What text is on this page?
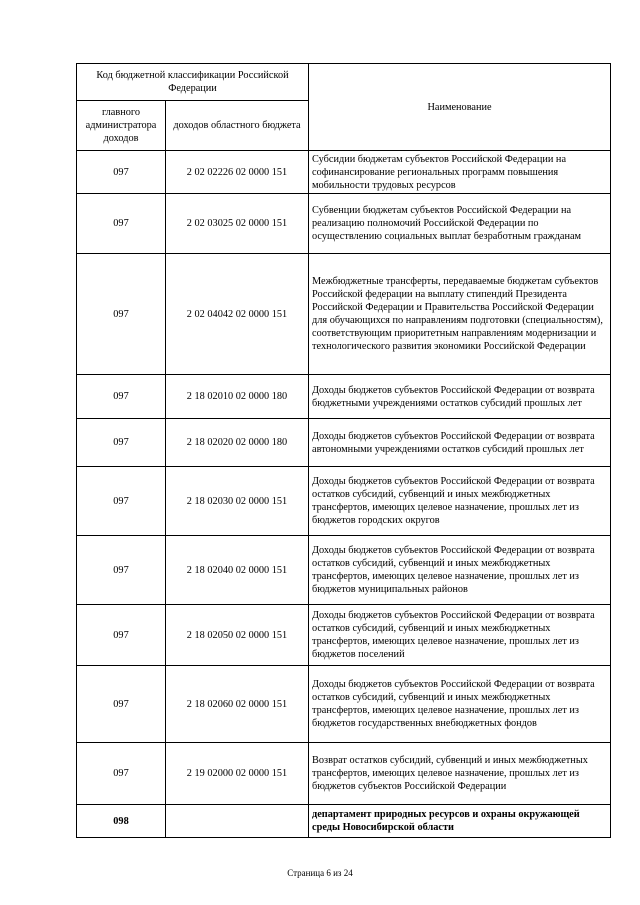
Код бюджетной классификации Российской Федерации		Наименование
главного администратора доходов	доходов областного бюджета	
097	2 02 02226 02 0000 151	Субсидии бюджетам субъектов Российской Федерации на софинансирование региональных программ повышения мобильности трудовых ресурсов
097	2 02 03025 02 0000 151	Субвенции бюджетам субъектов Российской Федерации на реализацию полномочий Российской Федерации по осуществлению социальных выплат безработным гражданам
097	2 02 04042 02 0000 151	Межбюджетные трансферты, передаваемые бюджетам субъектов Российской федерации на выплату стипендий Президента Российской Федерации и Правительства Российской Федерации для обучающихся по направлениям подготовки (специальностям), соответствующим приоритетным направлениям модернизации и технологического развития экономики Российской Федерации
097	2 18 02010 02 0000 180	Доходы бюджетов субъектов Российской Федерации от возврата бюджетными учреждениями остатков субсидий прошлых лет
097	2 18 02020 02 0000 180	Доходы бюджетов субъектов Российской Федерации от возврата автономными учреждениями остатков субсидий прошлых лет
097	2 18 02030 02 0000 151	Доходы бюджетов субъектов Российской Федерации от возврата остатков субсидий, субвенций и иных межбюджетных трансфертов, имеющих целевое назначение, прошлых лет из бюджетов городских округов
097	2 18 02040 02 0000 151	Доходы бюджетов субъектов Российской Федерации от возврата остатков субсидий, субвенций и иных межбюджетных трансфертов, имеющих целевое назначение, прошлых лет из бюджетов муниципальных районов
097	2 18 02050 02 0000 151	Доходы бюджетов субъектов Российской Федерации от возврата остатков субсидий, субвенций и иных межбюджетных трансфертов, имеющих целевое назначение, прошлых лет из бюджетов поселений
097	2 18 02060 02 0000 151	Доходы бюджетов субъектов Российской Федерации от возврата остатков субсидий, субвенций и иных межбюджетных трансфертов, имеющих целевое назначение, прошлых лет из бюджетов государственных внебюджетных фондов
097	2 19 02000 02 0000 151	Возврат остатков субсидий, субвенций и иных межбюджетных трансфертов, имеющих целевое назначение, прошлых лет из бюджетов субъектов Российской Федерации
098		департамент природных ресурсов и охраны окружающей среды Новосибирской области
Страница 6 из 24
